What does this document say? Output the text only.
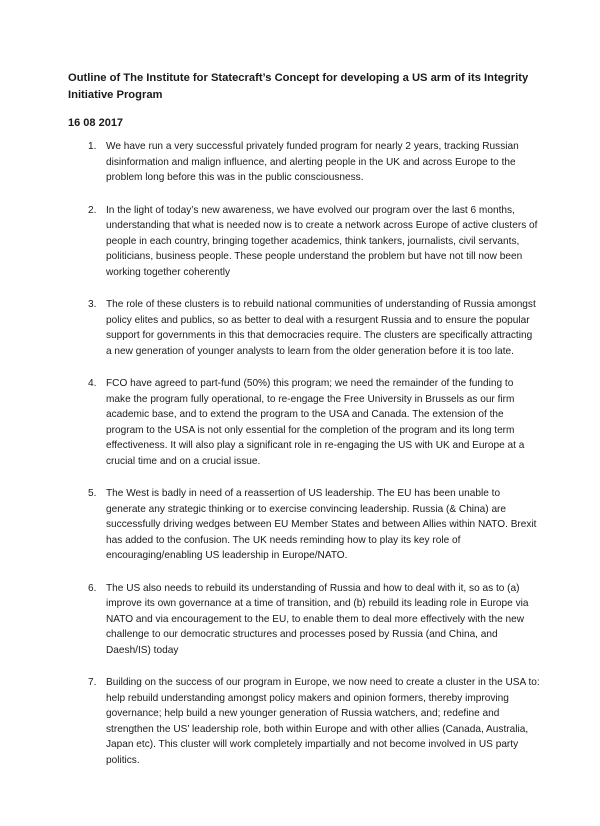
Outline of The Institute for Statecraft’s Concept for developing a US arm of its Integrity Initiative Program
16 08 2017
1. We have run a very successful privately funded program for nearly 2 years, tracking Russian disinformation and malign influence, and alerting people in the UK and across Europe to the problem long before this was in the public consciousness.

2. In the light of today’s new awareness, we have evolved our program over the last 6 months, understanding that what is needed now is to create a network across Europe of active clusters of people in each country, bringing together academics, think tankers, journalists, civil servants, politicians, business people. These people understand the problem but have not till now been working together coherently

3. The role of these clusters is to rebuild national communities of understanding of Russia amongst policy elites and publics, so as better to deal with a resurgent Russia and to ensure the popular support for governments in this that democracies require. The clusters are specifically attracting a new generation of younger analysts to learn from the older generation before it is too late.

4. FCO have agreed to part-fund (50%) this program; we need the remainder of the funding to make the program fully operational, to re-engage the Free University in Brussels as our firm academic base, and to extend the program to the USA and Canada. The extension of the program to the USA is not only essential for the completion of the program and its long term effectiveness. It will also play a significant role in re-engaging the US with UK and Europe at a crucial time and on a crucial issue.

5. The West is badly in need of a reassertion of US leadership. The EU has been unable to generate any strategic thinking or to exercise convincing leadership. Russia (& China) are successfully driving wedges between EU Member States and between Allies within NATO. Brexit has added to the confusion. The UK needs reminding how to play its key role of encouraging/enabling US leadership in Europe/NATO.

6. The US also needs to rebuild its understanding of Russia and how to deal with it, so as to (a) improve its own governance at a time of transition, and (b) rebuild its leading role in Europe via NATO and via encouragement to the EU, to enable them to deal more effectively with the new challenge to our democratic structures and processes posed by Russia (and China, and Daesh/IS) today

7. Building on the success of our program in Europe, we now need to create a cluster in the USA to: help rebuild understanding amongst policy makers and opinion formers, thereby improving governance; help build a new younger generation of Russia watchers, and; redefine and strengthen the US’ leadership role, both within Europe and with other allies (Canada, Australia, Japan etc). This cluster will work completely impartially and not become involved in US party politics.
